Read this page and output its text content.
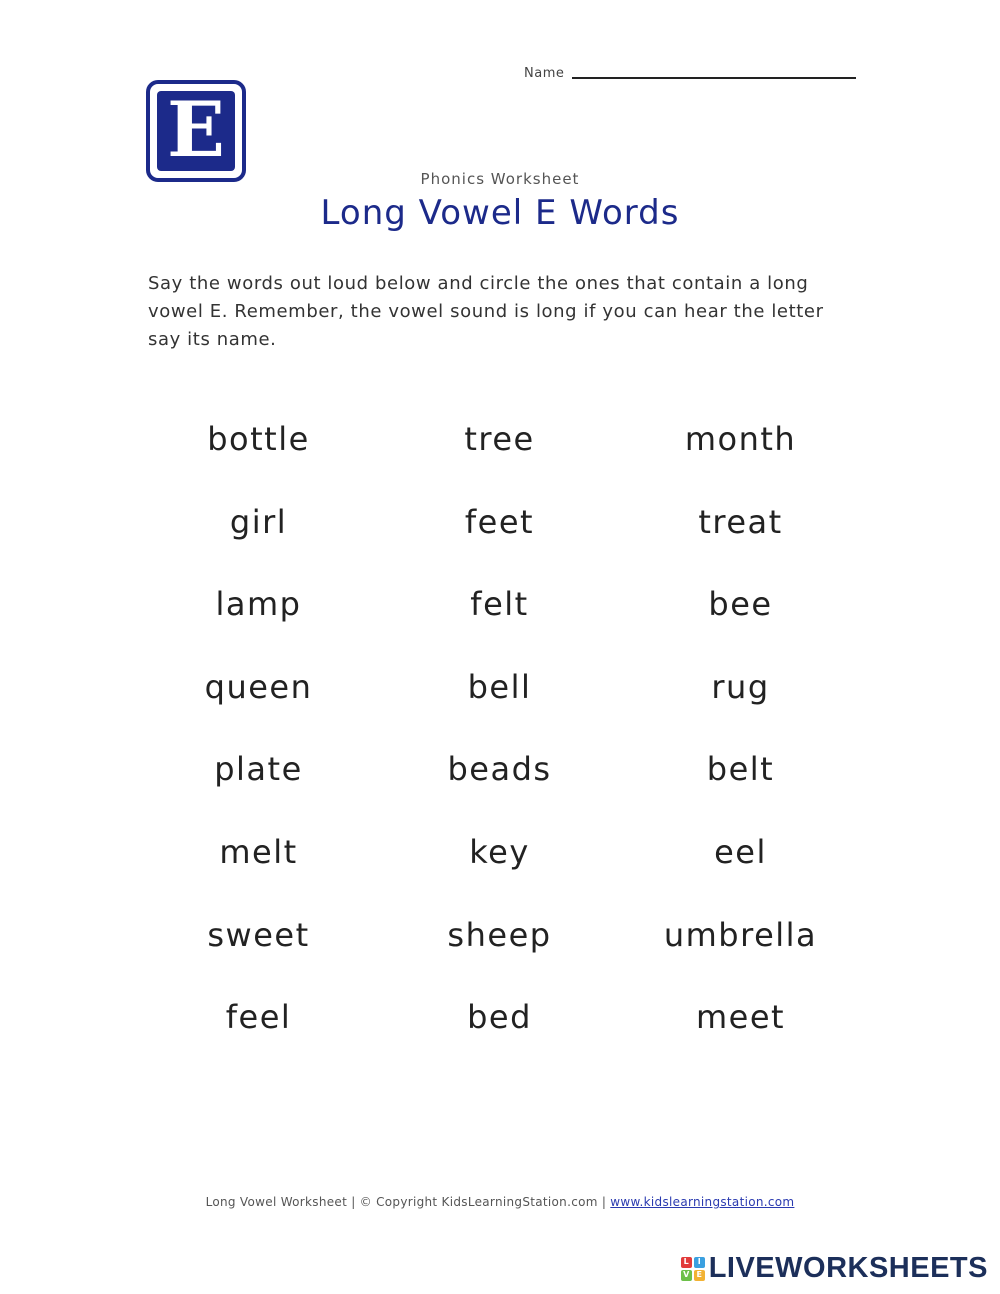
E
Name
Phonics Worksheet
Long Vowel E Words
Say the words out loud below and circle the ones that contain a long vowel E. Remember, the vowel sound is long if you can hear the letter say its name.
bottle	tree	month
girl	feet	treat
lamp	felt	bee
queen	bell	rug
plate	beads	belt
melt	key	eel
sweet	sheep	umbrella
feel	bed	meet
Long Vowel Worksheet | © Copyright KidsLearningStation.com | www.kidslearningstation.com
L	I
V E LIVEWORKSHEETS
